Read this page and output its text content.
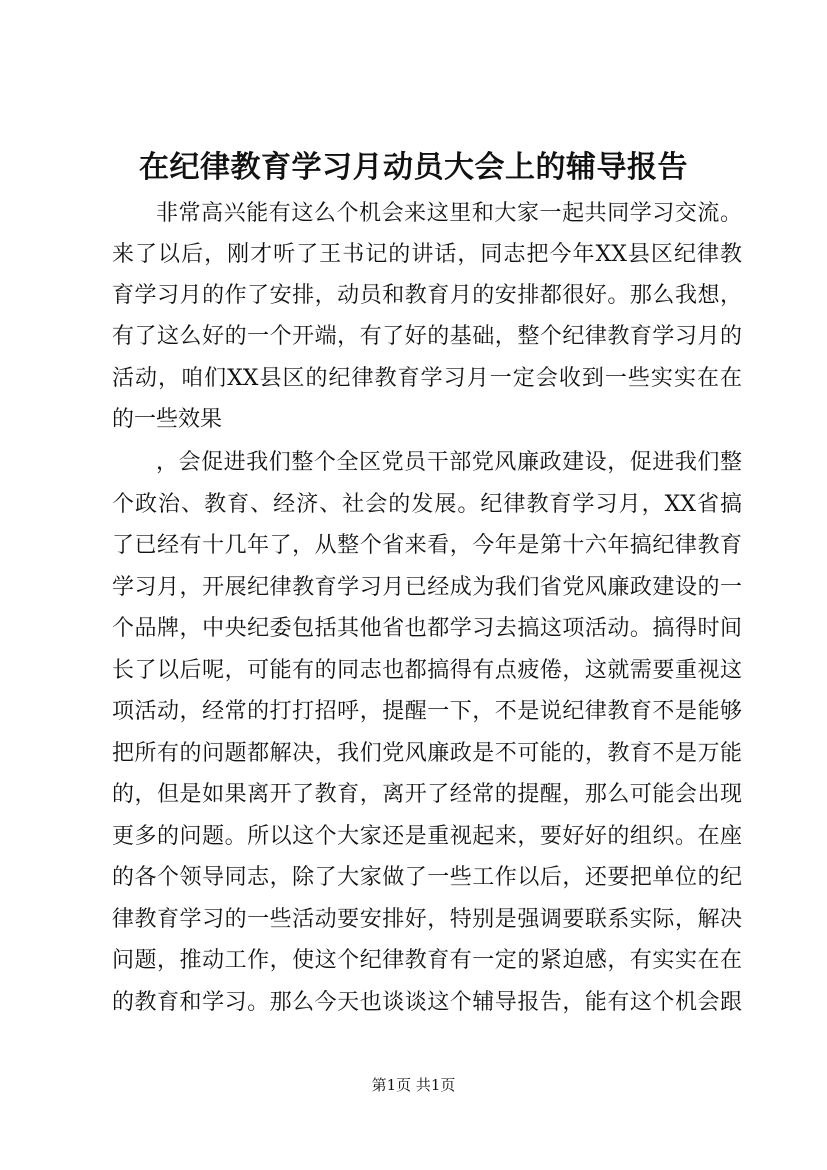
在纪律教育学习月动员大会上的辅导报告
非常高兴能有这么个机会来这里和大家一起共同学习交流。
来了以后，刚才听了王书记的讲话，同志把今年XX县区纪律教
育学习月的作了安排，动员和教育月的安排都很好。那么我想，
有了这么好的一个开端，有了好的基础，整个纪律教育学习月的
活动，咱们XX县区的纪律教育学习月一定会收到一些实实在在
的一些效果
，会促进我们整个全区党员干部党风廉政建设，促进我们整
个政治、教育、经济、社会的发展。纪律教育学习月，XX省搞
了已经有十几年了，从整个省来看，今年是第十六年搞纪律教育
学习月，开展纪律教育学习月已经成为我们省党风廉政建设的一
个品牌，中央纪委包括其他省也都学习去搞这项活动。搞得时间
长了以后呢，可能有的同志也都搞得有点疲倦，这就需要重视这
项活动，经常的打打招呼，提醒一下，不是说纪律教育不是能够
把所有的问题都解决，我们党风廉政是不可能的，教育不是万能
的，但是如果离开了教育，离开了经常的提醒，那么可能会出现
更多的问题。所以这个大家还是重视起来，要好好的组织。在座
的各个领导同志，除了大家做了一些工作以后，还要把单位的纪
律教育学习的一些活动要安排好，特别是强调要联系实际，解决
问题，推动工作，使这个纪律教育有一定的紧迫感，有实实在在
的教育和学习。那么今天也谈谈这个辅导报告，能有这个机会跟
第1页 共1页
